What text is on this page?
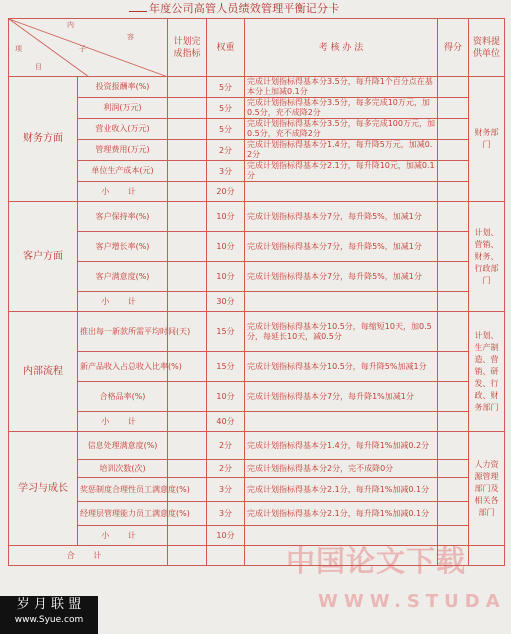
年度公司高管人员绩效管理平衡记分卡
内
容
子
项
目		计划完成指标	权重	考 核 办 法	得分	资料提供单位
财务方面	投资报酬率(%)		5分	完成计划指标得基本分3.5分，每升降1个百分点在基本分上加减0.1分		财务部门
	利润(万元)		5分	完成计划指标得基本分3.5分，每多完成10万元，加0.5分，充不成降2分		
	营业收入(万元)		5分	完成计划指标得基本分3.5分，每多完成100万元，加0.5分，充不成降2分		
	管理费用(万元)		2分	完成计划指标得基本分1.4分，每升降5万元，加减0.2分		
	单位生产成本(元)		3分	完成计划指标得基本分2.1分，每升降10元，加减0.1分		
	小 计		20分			
客户方面	客户保持率(%)		10分	完成计划指标得基本分7分，每升降5%，加减1分		计划、营销、财务、行政部门
	客户增长率(%)		10分	完成计划指标得基本分7分，每升降5%，加减1分		
	客户满意度(%)		10分	完成计划指标得基本分7分，每升降5%，加减1分		
	小 计		30分			
内部流程	推出每一新款所需平均时间(天)		15分	完成计划指标得基本分10.5分，每缩短10天，加0.5分，每延长10天，减0.5分		计划、生产制造、营销、研发、行政、财务部门
	新产品收入占总收入比率(%)		15分	完成计划指标得基本分10.5分，每升降5%加减1分		
	合格品率(%)		10分	完成计划指标得基本分7分，每升降1%加减1分		
	小 计		40分			
学习与成长	信息处理满意度(%)		2分	完成计划指标得基本分1.4分，每升降1%加减0.2分		人力资源管理部门及相关各部门
	培训次数(次)		2分	完成计划指标得基本分2分，完不成降0分		
	奖惩制度合理性员工满意度(%)		3分	完成计划指标得基本分2.1分，每升降1%加减0.1分		
	经理层管理能力员工满意度(%)		3分	完成计划指标得基本分2.1分，每升降1%加减0.1分		
	小 计		10分			
合 计							中国论文下载
WWW.STUDA
岁 月 联 盟
www.Syue.com
